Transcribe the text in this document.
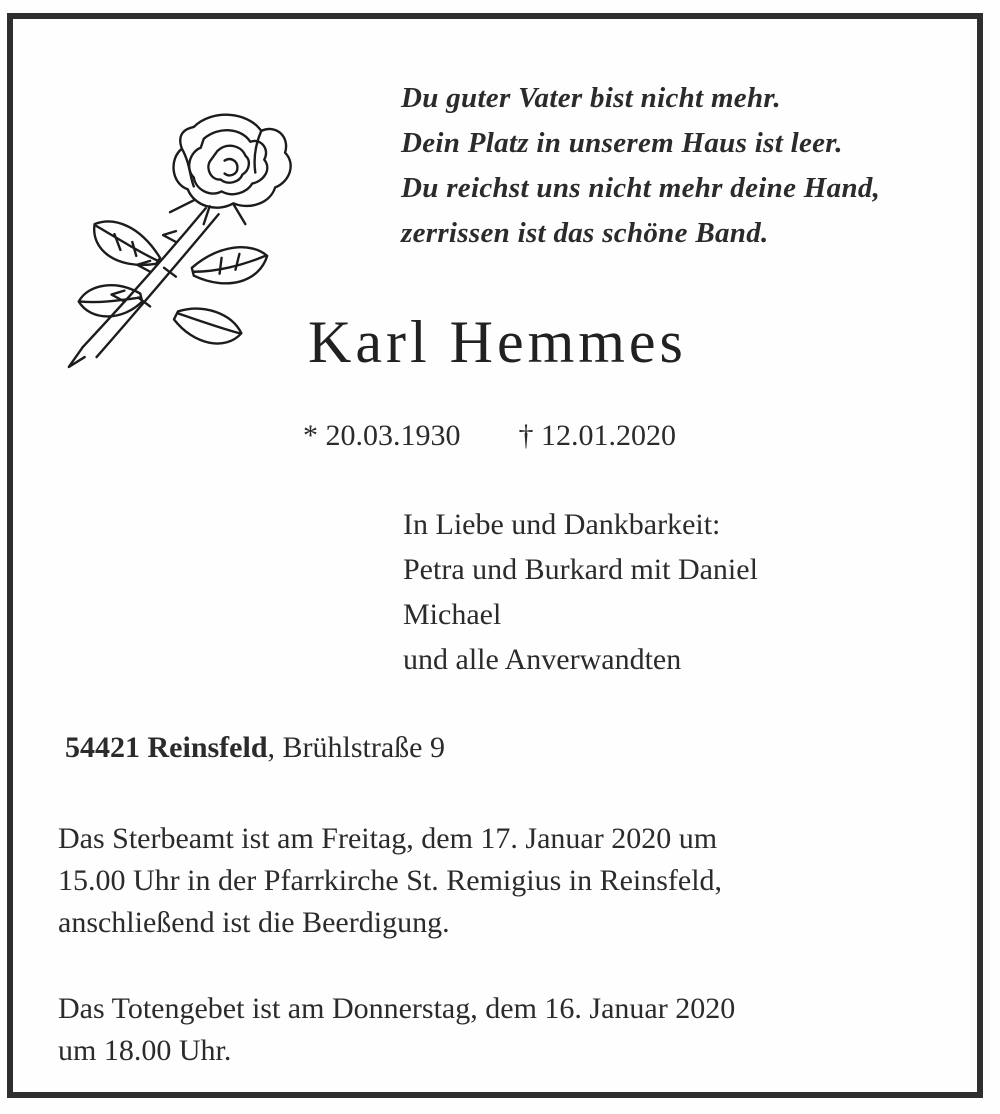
Du guter Vater bist nicht mehr.
Dein Platz in unserem Haus ist leer.
Du reichst uns nicht mehr deine Hand,
zerrissen ist das schöne Band.
Karl Hemmes
* 20.03.1930 † 12.01.2020
In Liebe und Dankbarkeit:
Petra und Burkard mit Daniel
Michael
und alle Anverwandten
54421 Reinsfeld, Brühlstraße 9
Das Sterbeamt ist am Freitag, dem 17. Januar 2020 um
15.00 Uhr in der Pfarrkirche St. Remigius in Reinsfeld,
anschließend ist die Beerdigung.
Das Totengebet ist am Donnerstag, dem 16. Januar 2020
um 18.00 Uhr.
